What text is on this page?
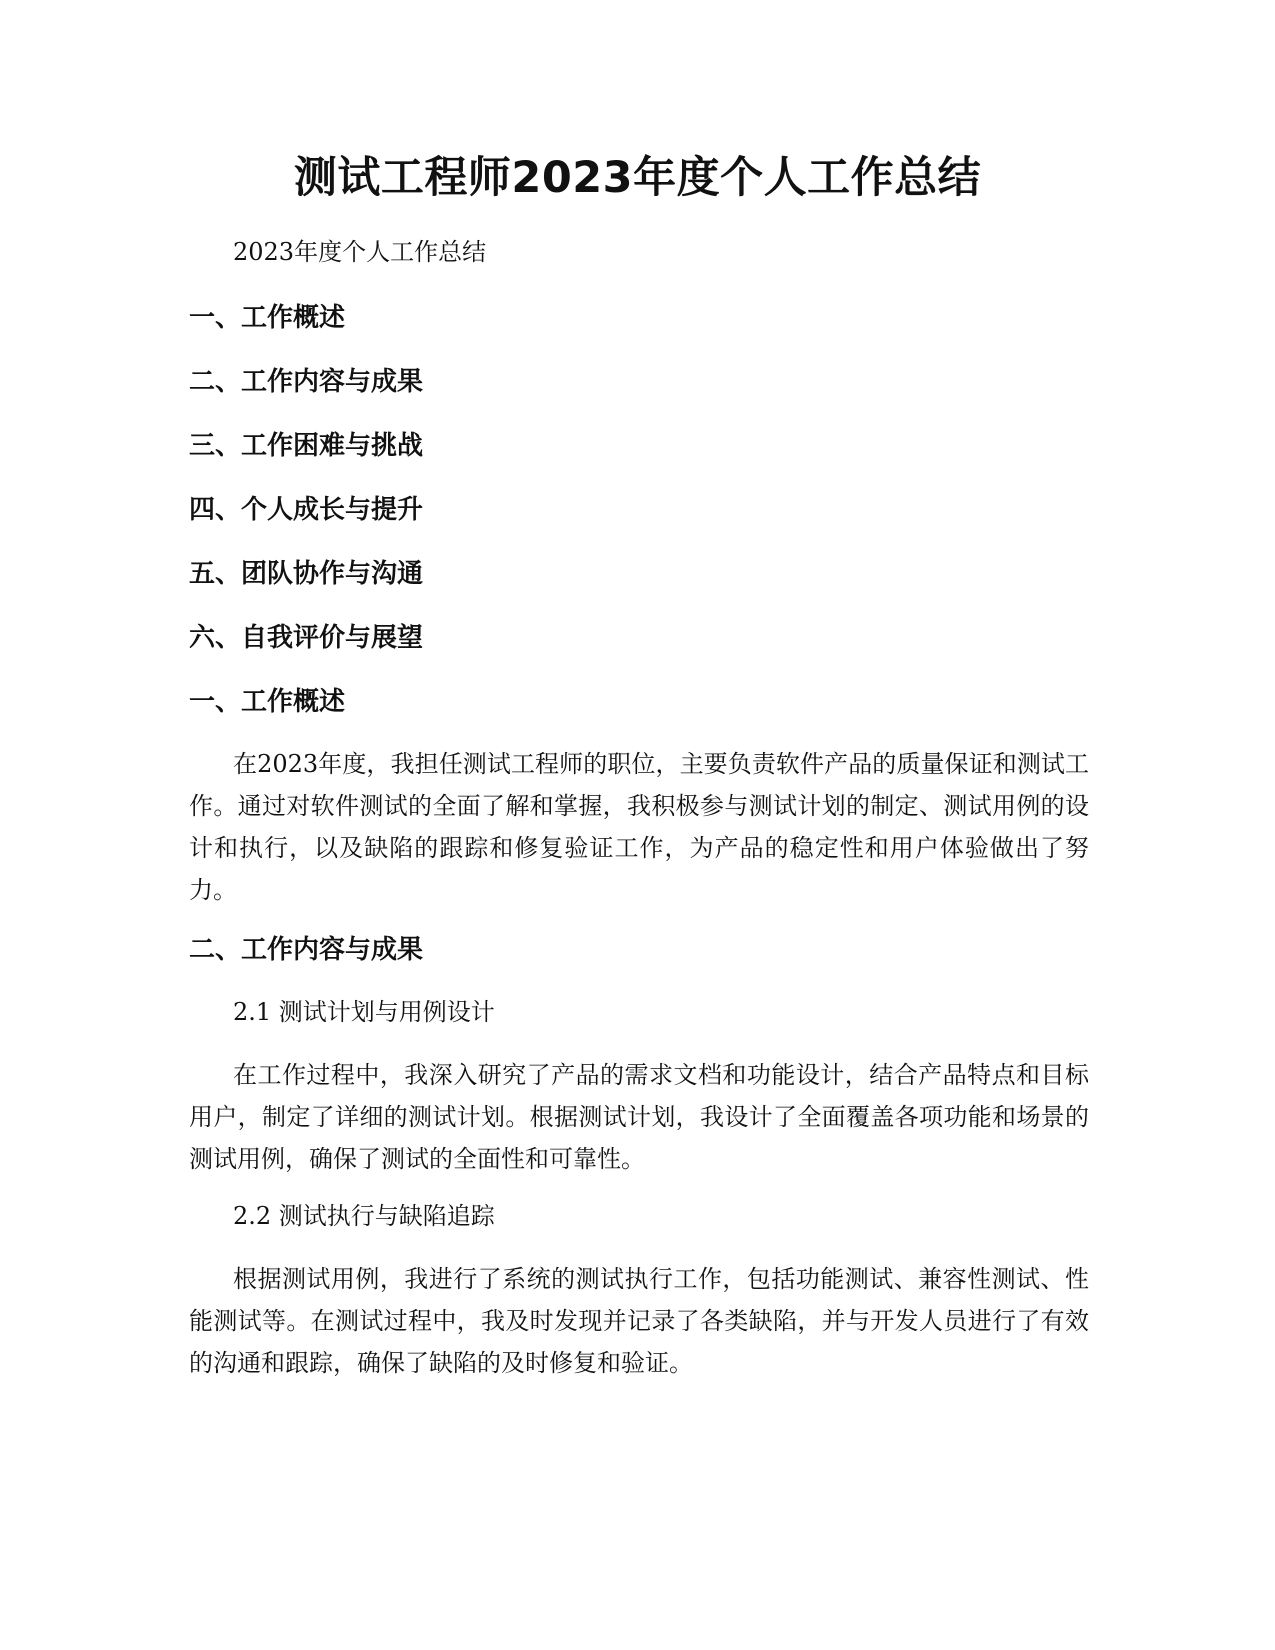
测试工程师2023年度个人工作总结
2023年度个人工作总结
一、工作概述
二、工作内容与成果
三、工作困难与挑战
四、个人成长与提升
五、团队协作与沟通
六、自我评价与展望
一、工作概述
在2023年度，我担任测试工程师的职位，主要负责软件产品的质量保证和测试工作。通过对软件测试的全面了解和掌握，我积极参与测试计划的制定、测试用例的设计和执行，以及缺陷的跟踪和修复验证工作，为产品的稳定性和用户体验做出了努力。
二、工作内容与成果
2.1 测试计划与用例设计
在工作过程中，我深入研究了产品的需求文档和功能设计，结合产品特点和目标用户，制定了详细的测试计划。根据测试计划，我设计了全面覆盖各项功能和场景的测试用例，确保了测试的全面性和可靠性。
2.2 测试执行与缺陷追踪
根据测试用例，我进行了系统的测试执行工作，包括功能测试、兼容性测试、性能测试等。在测试过程中，我及时发现并记录了各类缺陷，并与开发人员进行了有效的沟通和跟踪，确保了缺陷的及时修复和验证。
